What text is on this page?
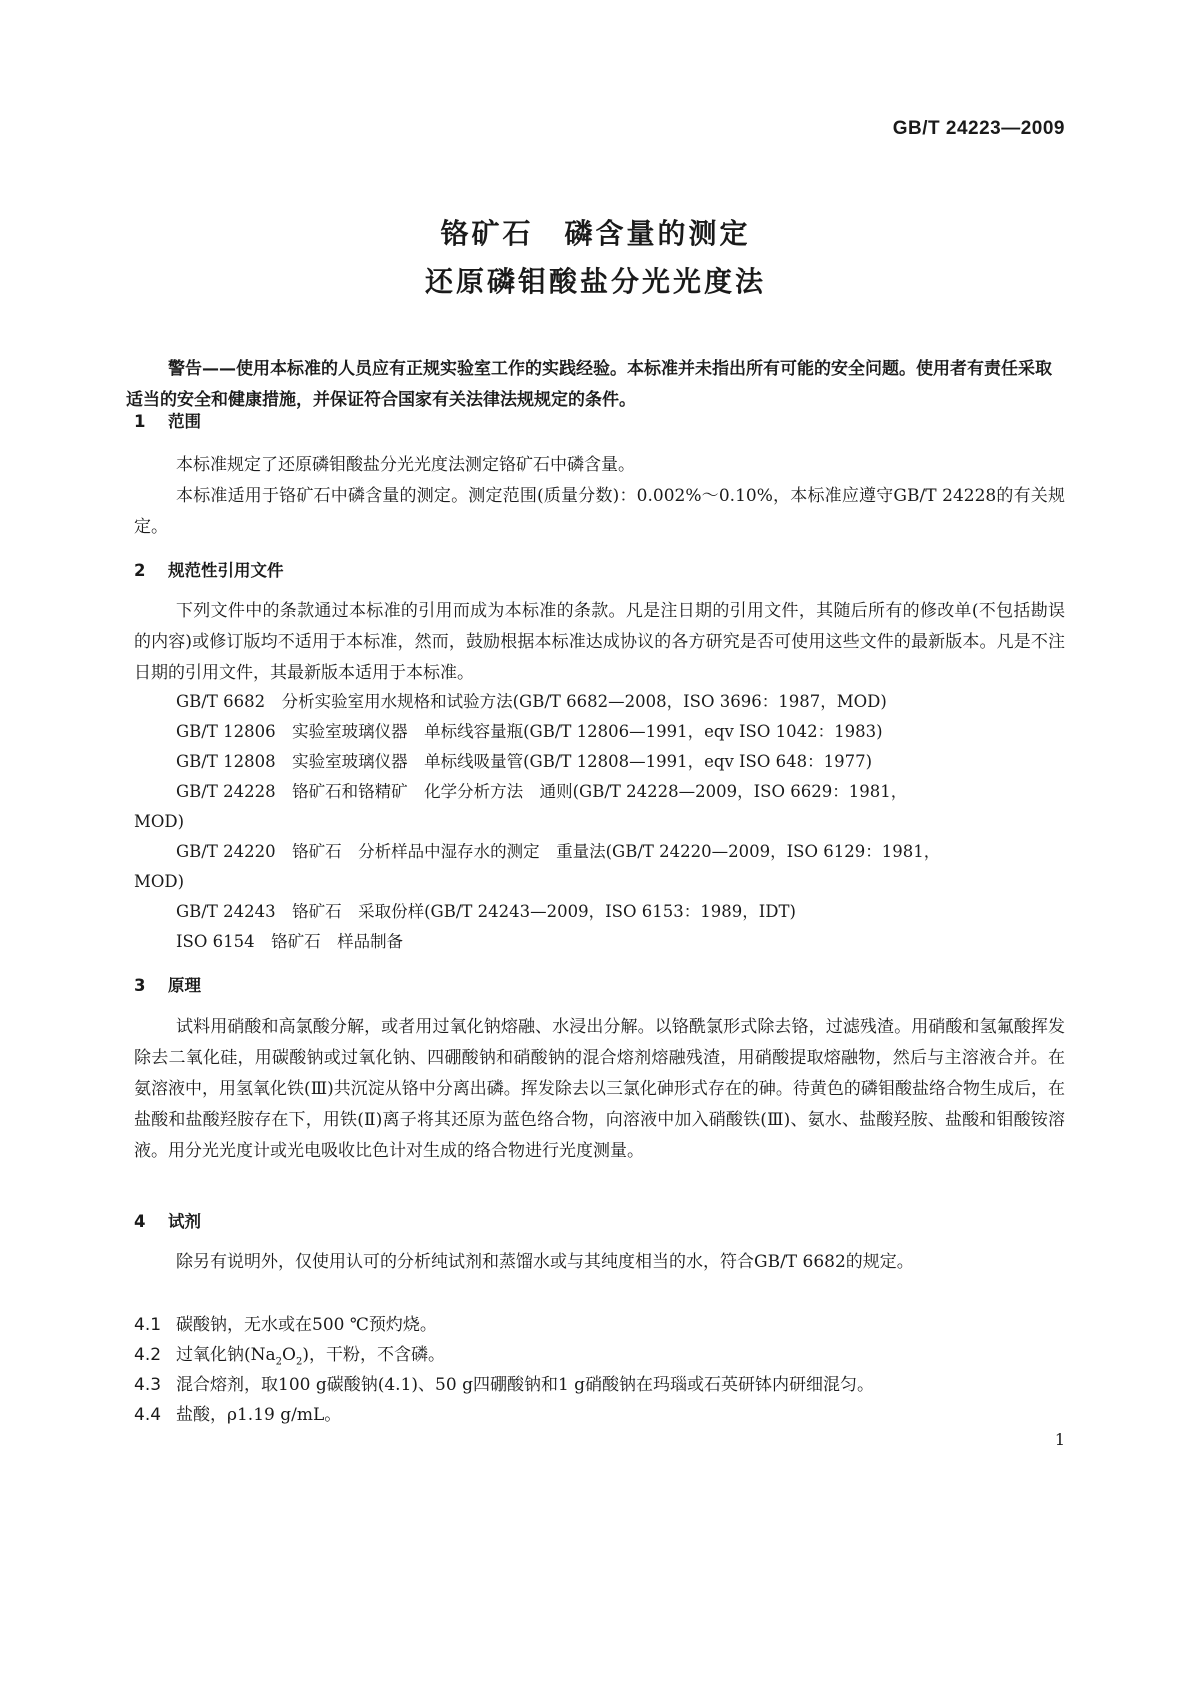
GB/T 24223—2009
铬矿石　磷含量的测定
还原磷钼酸盐分光光度法
警告——使用本标准的人员应有正规实验室工作的实践经验。本标准并未指出所有可能的安全问题。使用者有责任采取适当的安全和健康措施，并保证符合国家有关法律法规规定的条件。
1 范围
本标准规定了还原磷钼酸盐分光光度法测定铬矿石中磷含量。
本标准适用于铬矿石中磷含量的测定。测定范围(质量分数)：0.002%～0.10%，本标准应遵守GB/T 24228的有关规定。
2 规范性引用文件
下列文件中的条款通过本标准的引用而成为本标准的条款。凡是注日期的引用文件，其随后所有的修改单(不包括勘误的内容)或修订版均不适用于本标准，然而，鼓励根据本标准达成协议的各方研究是否可使用这些文件的最新版本。凡是不注日期的引用文件，其最新版本适用于本标准。
GB/T 6682　分析实验室用水规格和试验方法(GB/T 6682—2008，ISO 3696：1987，MOD)
GB/T 12806　实验室玻璃仪器　单标线容量瓶(GB/T 12806—1991，eqv ISO 1042：1983)
GB/T 12808　实验室玻璃仪器　单标线吸量管(GB/T 12808—1991，eqv ISO 648：1977)
GB/T 24228　铬矿石和铬精矿　化学分析方法　通则(GB/T 24228—2009，ISO 6629：1981，
MOD)
GB/T 24220　铬矿石　分析样品中湿存水的测定　重量法(GB/T 24220—2009，ISO 6129：1981，
MOD)
GB/T 24243　铬矿石　采取份样(GB/T 24243—2009，ISO 6153：1989，IDT)
ISO 6154　铬矿石　样品制备
3 原理
试料用硝酸和高氯酸分解，或者用过氧化钠熔融、水浸出分解。以铬酰氯形式除去铬，过滤残渣。用硝酸和氢氟酸挥发除去二氧化硅，用碳酸钠或过氧化钠、四硼酸钠和硝酸钠的混合熔剂熔融残渣，用硝酸提取熔融物，然后与主溶液合并。在氨溶液中，用氢氧化铁(Ⅲ)共沉淀从铬中分离出磷。挥发除去以三氯化砷形式存在的砷。待黄色的磷钼酸盐络合物生成后，在盐酸和盐酸羟胺存在下，用铁(Ⅱ)离子将其还原为蓝色络合物，向溶液中加入硝酸铁(Ⅲ)、氨水、盐酸羟胺、盐酸和钼酸铵溶液。用分光光度计或光电吸收比色计对生成的络合物进行光度测量。
4 试剂
除另有说明外，仅使用认可的分析纯试剂和蒸馏水或与其纯度相当的水，符合GB/T 6682的规定。
4.1 碳酸钠，无水或在500 ℃预灼烧。
4.2 过氧化钠$(Na_2O_2)$，干粉，不含磷。
4.3 混合熔剂，取100 g碳酸钠(4.1)、50 g四硼酸钠和1 g硝酸钠在玛瑙或石英研钵内研细混匀。
4.4 盐酸，ρ1.19 g/mL。
1
